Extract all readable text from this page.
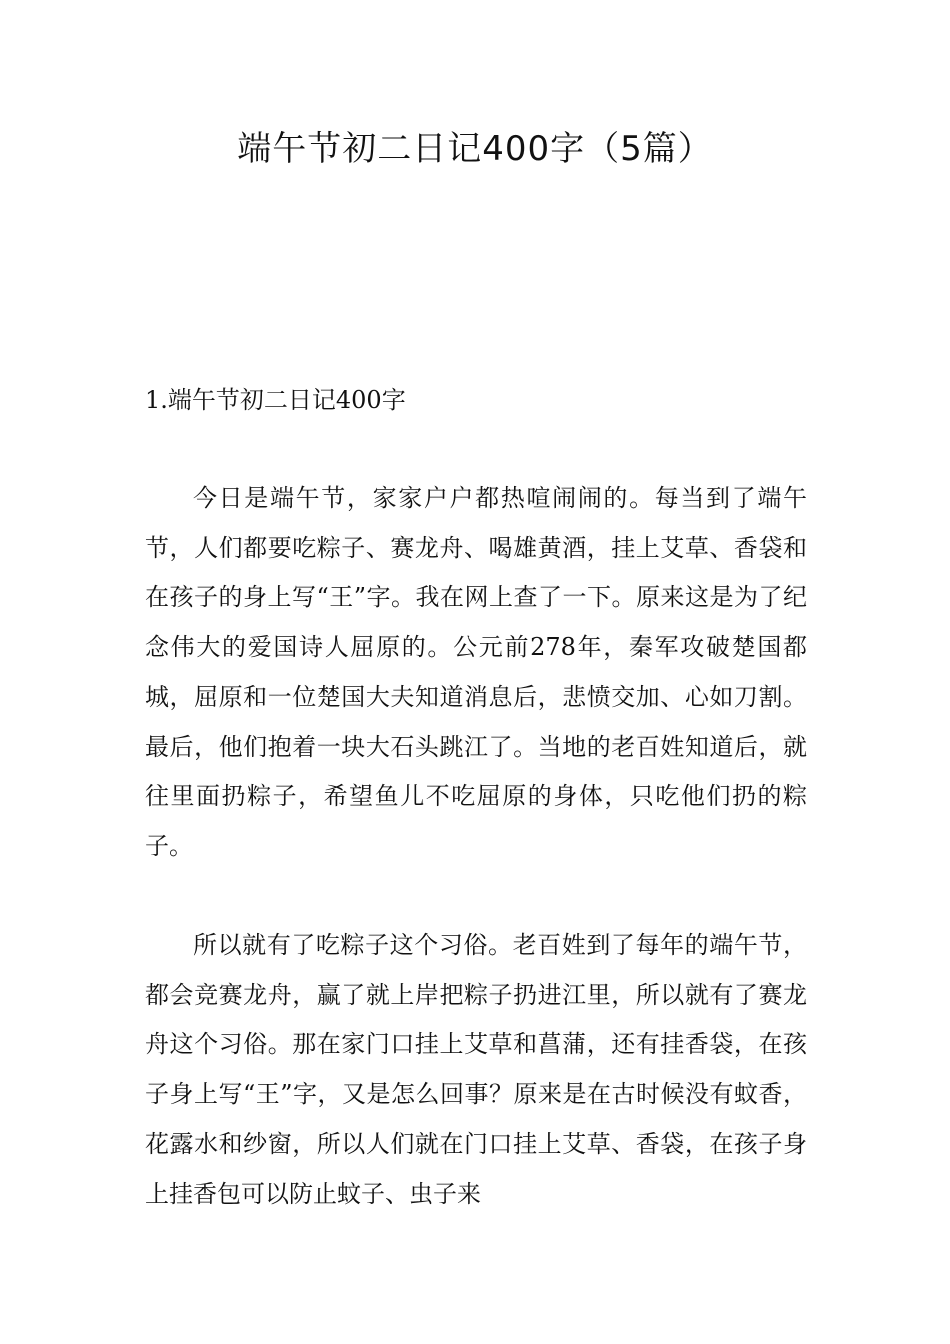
端午节初二日记400字（5篇）
1.端午节初二日记400字

今日是端午节，家家户户都热喧闹闹的。每当到了端午节，人们都要吃粽子、赛龙舟、喝雄黄酒，挂上艾草、香袋和在孩子的身上写“王”字。我在网上查了一下。原来这是为了纪念伟大的爱国诗人屈原的。公元前278年，秦军攻破楚国都城，屈原和一位楚国大夫知道消息后，悲愤交加、心如刀割。最后，他们抱着一块大石头跳江了。当地的老百姓知道后，就往里面扔粽子，希望鱼儿不吃屈原的身体，只吃他们扔的粽子。

所以就有了吃粽子这个习俗。老百姓到了每年的端午节，都会竞赛龙舟，赢了就上岸把粽子扔进江里，所以就有了赛龙舟这个习俗。那在家门口挂上艾草和菖蒲，还有挂香袋，在孩子身上写“王”字，又是怎么回事？原来是在古时候没有蚊香，花露水和纱窗，所以人们就在门口挂上艾草、香袋，在孩子身上挂香包可以防止蚊子、虫子来
